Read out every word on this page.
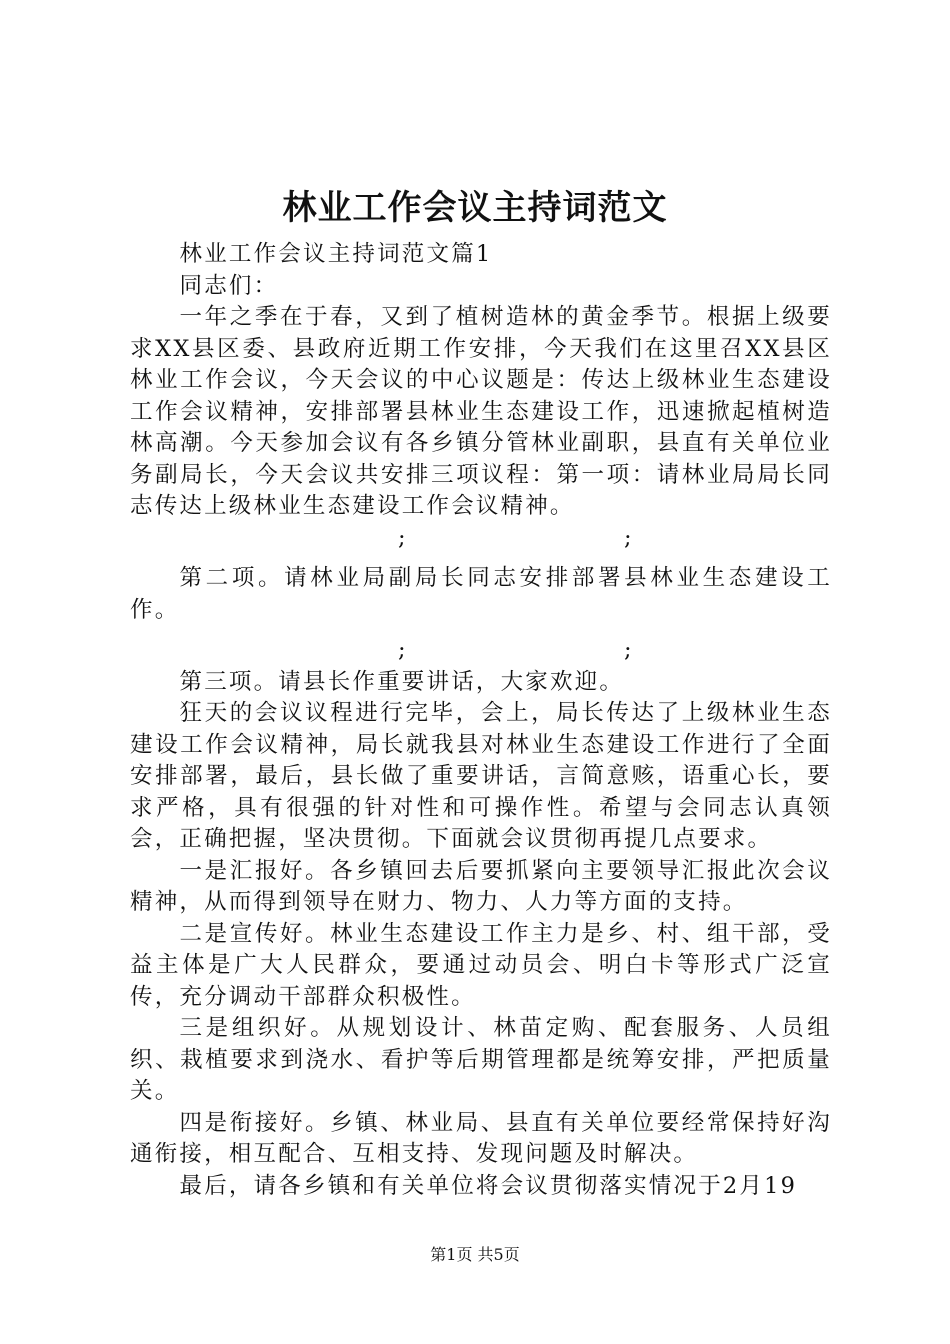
林业工作会议主持词范文

林业工作会议主持词范文篇1

同志们：

一年之季在于春，又到了植树造林的黄金季节。根据上级要求XX县区委、县政府近期工作安排，今天我们在这里召XX县区林业工作会议，今天会议的中心议题是：传达上级林业生态建设工作会议精神，安排部署县林业生态建设工作，迅速掀起植树造林高潮。今天参加会议有各乡镇分管林业副职，县直有关单位业务副局长，今天会议共安排三项议程：第一项：请林业局局长同志传达上级林业生态建设工作会议精神。

;	;

第二项。请林业局副局长同志安排部署县林业生态建设工作。

;	;

第三项。请县长作重要讲话，大家欢迎。

狂天的会议议程进行完毕，会上，局长传达了上级林业生态建设工作会议精神，局长就我县对林业生态建设工作进行了全面安排部署，最后，县长做了重要讲话，言简意赅，语重心长，要求严格，具有很强的针对性和可操作性。希望与会同志认真领会，正确把握，坚决贯彻。下面就会议贯彻再提几点要求。

一是汇报好。各乡镇回去后要抓紧向主要领导汇报此次会议精神，从而得到领导在财力、物力、人力等方面的支持。

二是宣传好。林业生态建设工作主力是乡、村、组干部，受益主体是广大人民群众，要通过动员会、明白卡等形式广泛宣传，充分调动干部群众积极性。

三是组织好。从规划设计、林苗定购、配套服务、人员组织、栽植要求到浇水、看护等后期管理都是统筹安排，严把质量关。

四是衔接好。乡镇、林业局、县直有关单位要经常保持好沟通衔接，相互配合、互相支持、发现问题及时解决。

最后，请各乡镇和有关单位将会议贯彻落实情况于2月19

第1页 共5页
